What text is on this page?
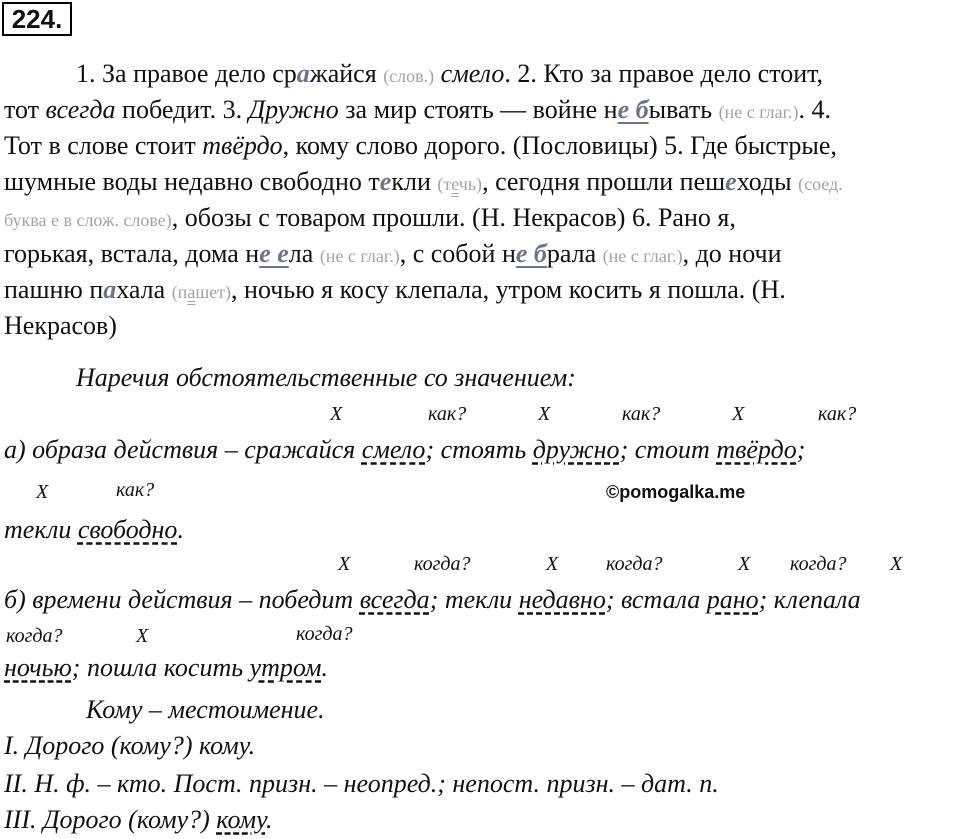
224.
1. За правое дело сражайся (слов.) смело. 2. Кто за правое дело стоит,
тот всегда победит. 3. Дружно за мир стоять — войне не бывать (не с глаг.). 4.
Тот в слове стоит твёрдо, кому слово дорого. (Пословицы) 5. Где быстрые,
шумные воды недавно свободно текли (течь), сегодня прошли пешеходы (соед.
буква е в слож. слове), обозы с товаром прошли. (Н. Некрасов) 6. Рано я,
горькая, встала, дома не ела (не с глаг.), с собой не брала (не с глаг.), до ночи
пашню пахала (пашет), ночью я косу клепала, утром косить я пошла. (Н.
Некрасов)
Наречия обстоятельственные со значением:
Х	как?	Х	как?	Х	как?
а) образа действия – сражайся смело; стоять дружно; стоит твёрдо;
Х	как?	©pomogalka.me
текли свободно.
Х	когда?	Х когда?	Х когда? Х
б) времени действия – победит всегда; текли недавно; встала рано; клепала
когда?	Х	когда?
ночью; пошла косить утром.
Кому – местоимение.
I. Дорого (кому?) кому.
II. Н. ф. – кто. Пост. призн. – неопред.; непост. призн. – дат. п.
III. Дорого (кому?) кому.
